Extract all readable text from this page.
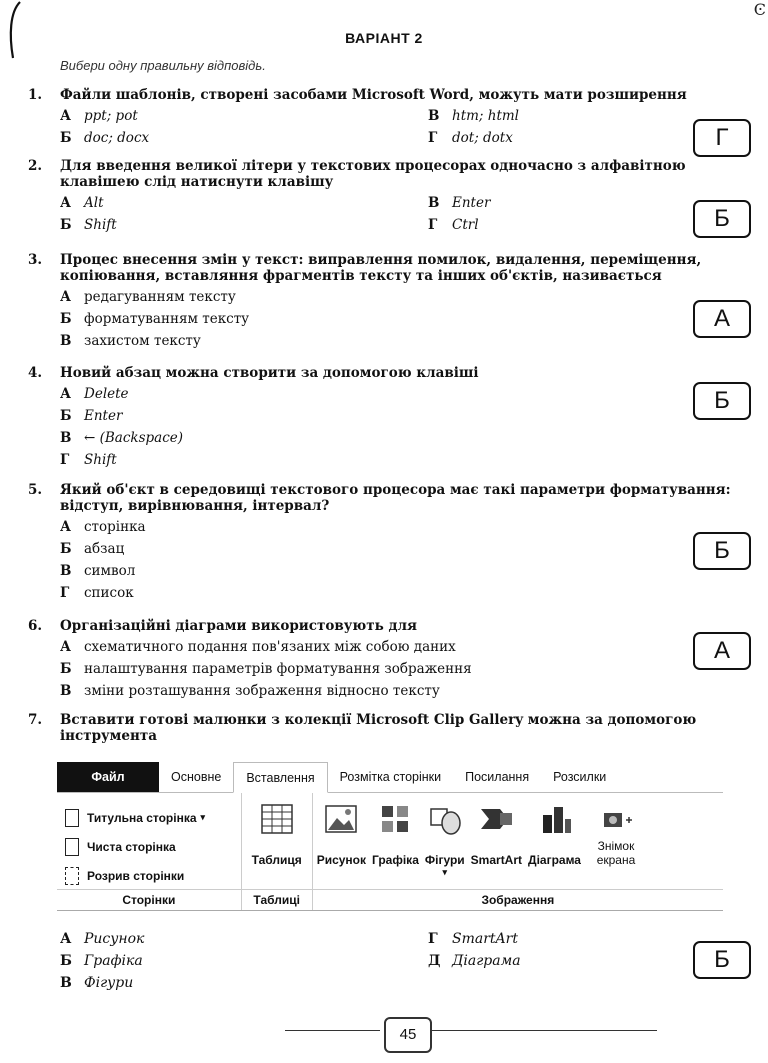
Ͼ
ВАРІАНТ 2
Вибери одну правильну відповідь.
1.	Файли шаблонів, створені засобами Microsoft Word, можуть мати розширення
А ppt; pot	В htm; html
Б doc; docx	Г dot; dotx	Г
2.	Для введення великої літери у текстових процесорах одночасно з алфавітною клавішею слід натиснути клавішу
А Alt	В Enter
Б Shift	Г Ctrl	Б
3.	Процес внесення змін у текст: виправлення помилок, видалення, переміщення, копіювання, вставляння фрагментів тексту та інших об'єктів, називається
А редагуванням тексту
Б форматуванням тексту
В захистом тексту
А
4.	Новий абзац можна створити за допомогою клавіші
А Delete
Б Enter
В ← (Backspace)
Г Shift
Б
5.	Який об'єкт в середовищі текстового процесора має такі параметри форматування: відступ, вирівнювання, інтервал?
А сторінка
Б абзац
В символ
Г список
Б
6.	Організаційні діаграми використовують для
А схематичного подання пов'язаних між собою даних
Б налаштування параметрів форматування зображення
В зміни розташування зображення відносно тексту
А
7.	Вставити готові малюнки з колекції Microsoft Clip Gallery можна за допомогою інструмента
Файл	Основне	Вставлення	Розмітка сторінки	Посилання	Розсилки
Титульна сторінка ▾
Чиста сторінка
Розрив сторінки
Сторінки
Таблиця
Таблиці
Рисунок Графіка Фігури
▾
SmartArt Діаграма
Знімок екрана
Зображення
А Рисунок	Г SmartArt
Б Графіка	Д Діаграма
В Фігури
Б
45
